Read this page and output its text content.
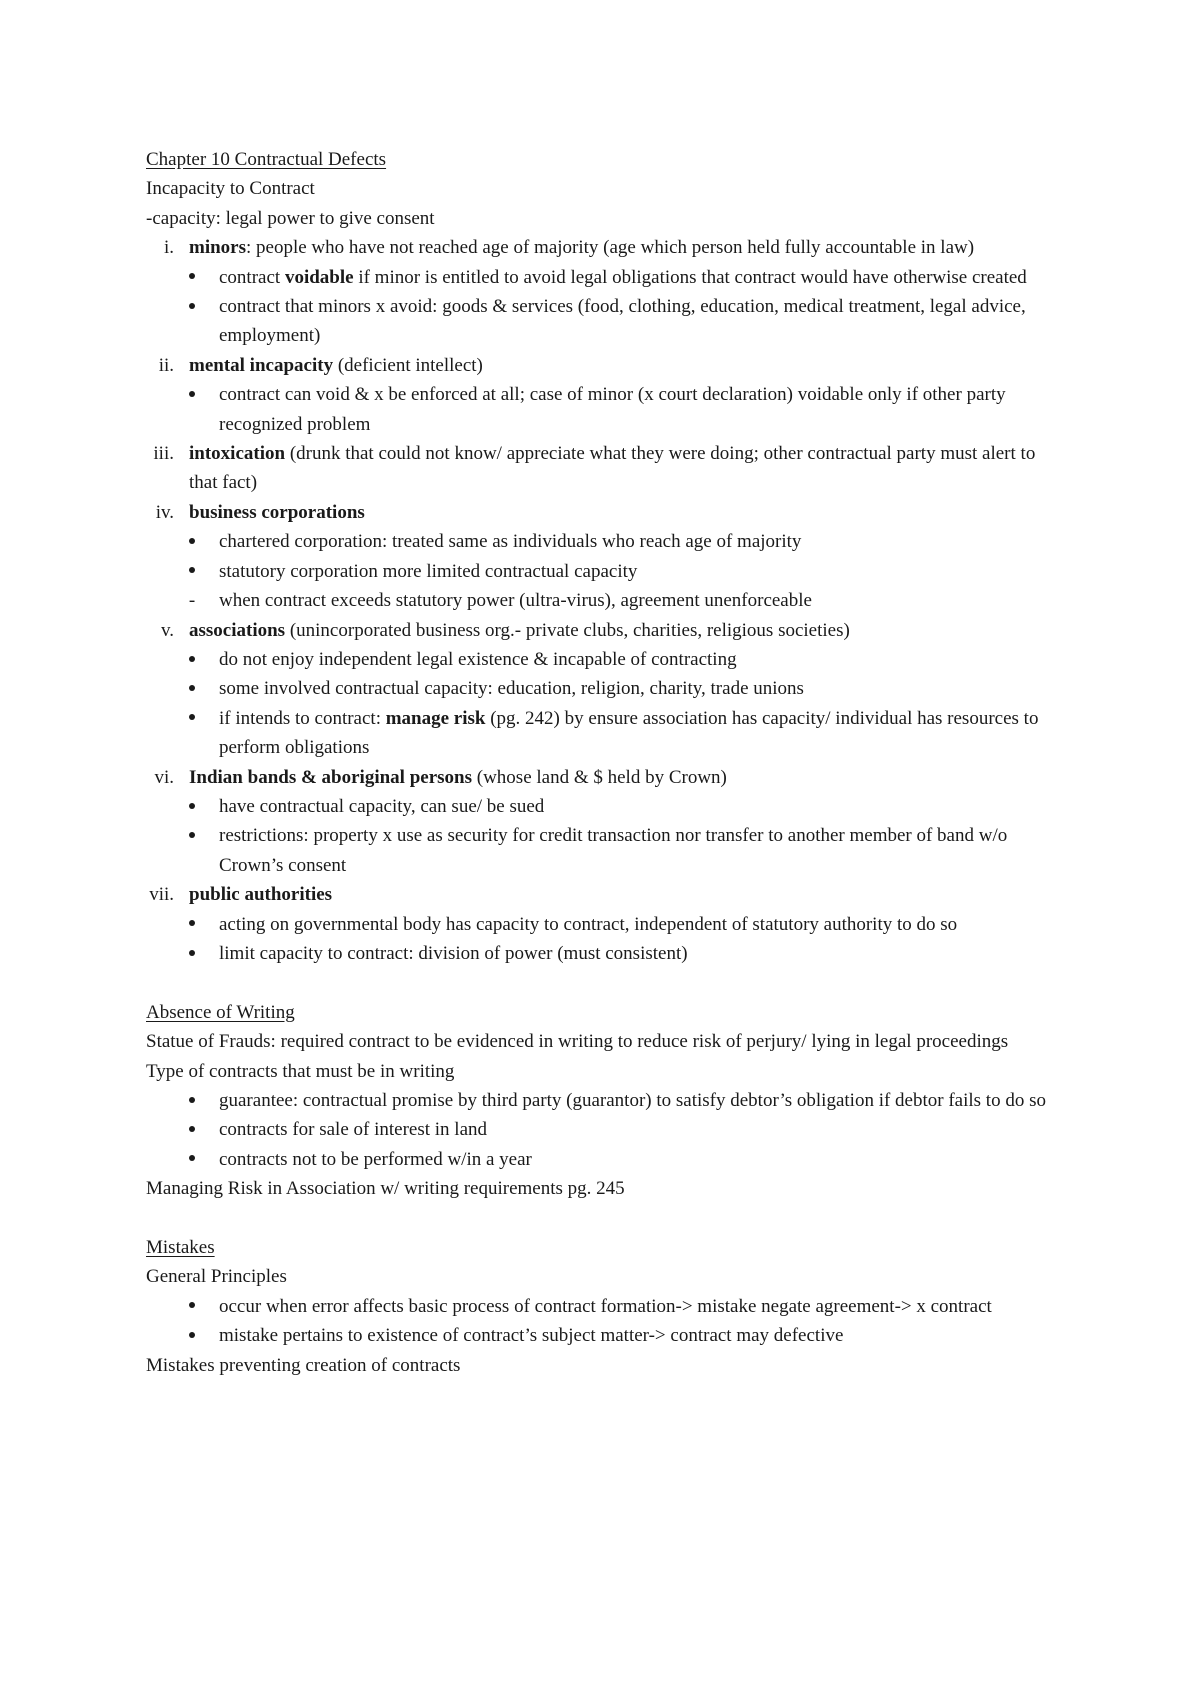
Chapter 10 Contractual Defects

Incapacity to Contract

-capacity: legal power to give consent

i. minors: people who have not reached age of majority (age which person held fully accountable in law)

contract voidable if minor is entitled to avoid legal obligations that contract would have otherwise created

contract that minors x avoid: goods & services (food, clothing, education, medical treatment, legal advice, employment)

ii. mental incapacity (deficient intellect)

contract can void & x be enforced at all; case of minor (x court declaration) voidable only if other party recognized problem

iii. intoxication (drunk that could not know/ appreciate what they were doing; other contractual party must alert to that fact)

iv. business corporations

chartered corporation: treated same as individuals who reach age of majority

statutory corporation more limited contractual capacity

- when contract exceeds statutory power (ultra-virus), agreement unenforceable

v. associations (unincorporated business org.- private clubs, charities, religious societies)

do not enjoy independent legal existence & incapable of contracting

some involved contractual capacity: education, religion, charity, trade unions

if intends to contract: manage risk (pg. 242) by ensure association has capacity/ individual has resources to perform obligations

vi. Indian bands & aboriginal persons (whose land & $ held by Crown)

have contractual capacity, can sue/ be sued

restrictions: property x use as security for credit transaction nor transfer to another member of band w/o Crown’s consent

vii. public authorities

acting on governmental body has capacity to contract, independent of statutory authority to do so

limit capacity to contract: division of power (must consistent)

Absence of Writing

Statue of Frauds: required contract to be evidenced in writing to reduce risk of perjury/ lying in legal proceedings

Type of contracts that must be in writing

guarantee: contractual promise by third party (guarantor) to satisfy debtor’s obligation if debtor fails to do so

contracts for sale of interest in land

contracts not to be performed w/in a year

Managing Risk in Association w/ writing requirements pg. 245

Mistakes

General Principles

occur when error affects basic process of contract formation-> mistake negate agreement-> x contract

mistake pertains to existence of contract’s subject matter-> contract may defective

Mistakes preventing creation of contracts
